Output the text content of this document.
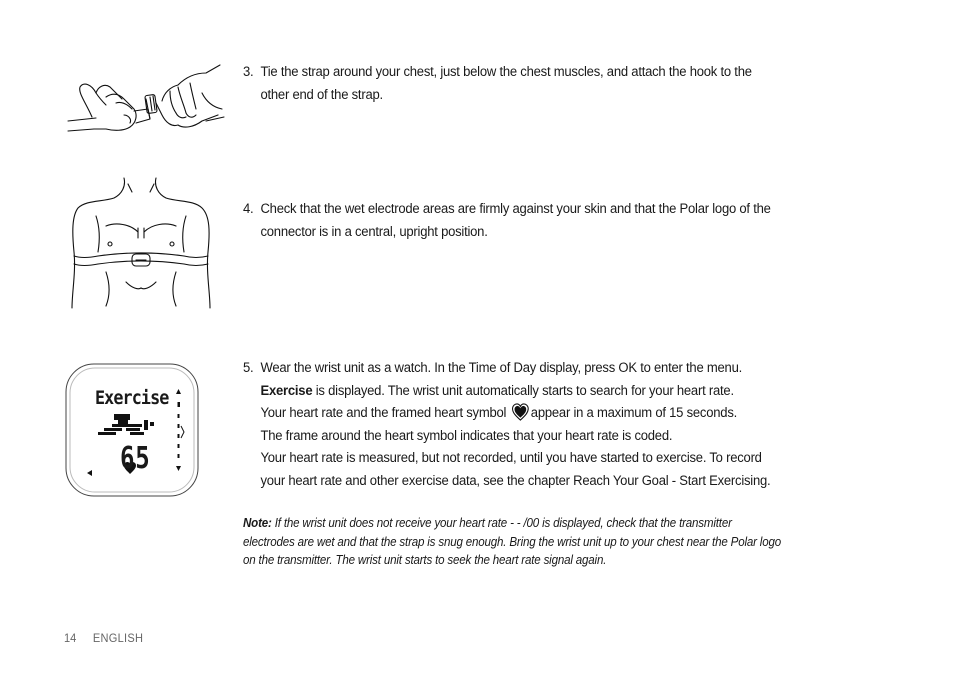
Exercise
65
3. Tie the strap around your chest, just below the chest muscles, and attach the hook to the
other end of the strap.
4. Check that the wet electrode areas are firmly against your skin and that the Polar logo of the
connector is in a central, upright position.
5. Wear the wrist unit as a watch. In the Time of Day display, press OK to enter the menu.
Exercise is displayed. The wrist unit automatically starts to search for your heart rate.
Your heart rate and the framed heart symbol appear in a maximum of 15 seconds.
The frame around the heart symbol indicates that your heart rate is coded.
Your heart rate is measured, but not recorded, until you have started to exercise. To record
your heart rate and other exercise data, see the chapter Reach Your Goal - Start Exercising.
Note: If the wrist unit does not receive your heart rate - - /00 is displayed, check that the transmitter
electrodes are wet and that the strap is snug enough. Bring the wrist unit up to your chest near the Polar logo
on the transmitter. The wrist unit starts to seek the heart rate signal again.
14 ENGLISH
